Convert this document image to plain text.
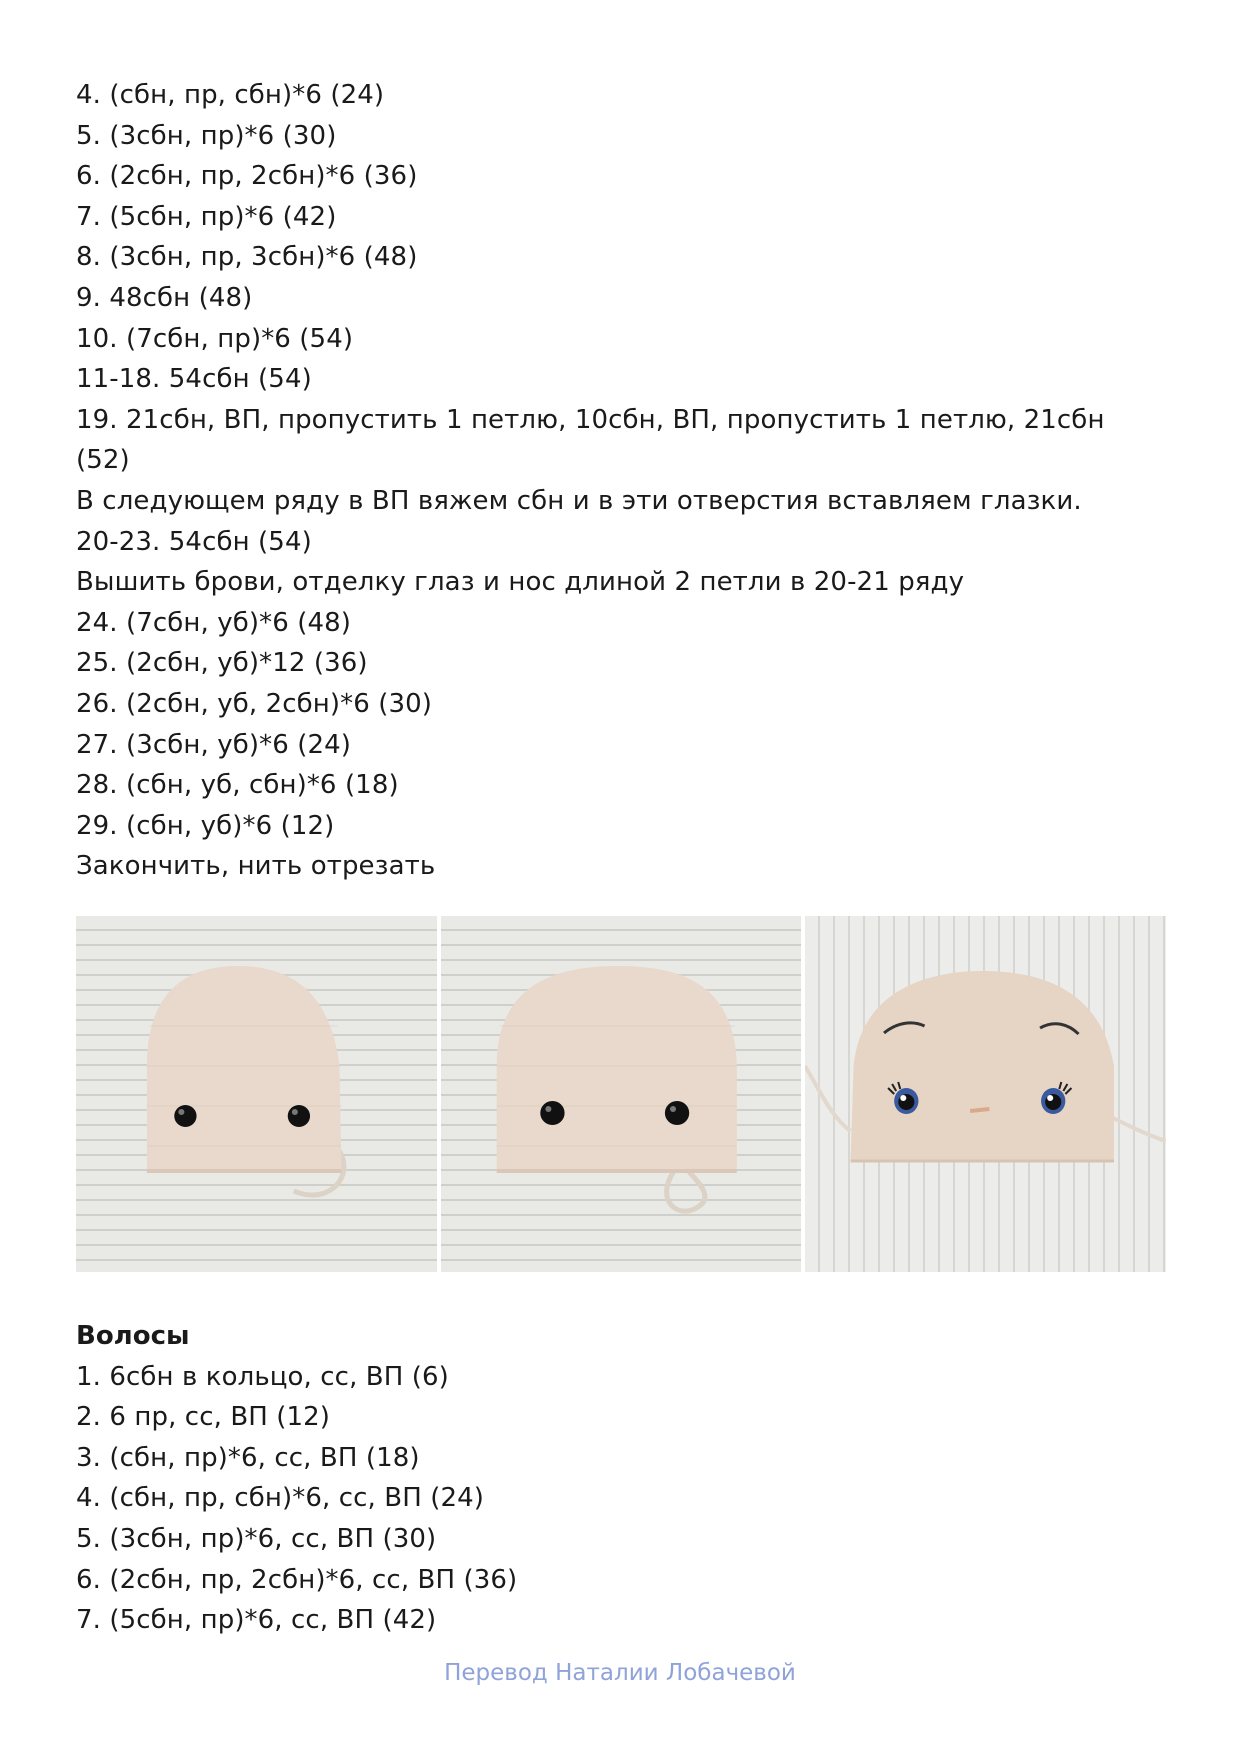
4. (сбн, пр, сбн)*6 (24)
5. (3сбн, пр)*6 (30)
6. (2сбн, пр, 2сбн)*6 (36)
7. (5сбн, пр)*6 (42)
8. (3сбн, пр, 3сбн)*6 (48)
9. 48сбн (48)
10. (7сбн, пр)*6 (54)
11-18. 54сбн (54)
19. 21сбн, ВП, пропустить 1 петлю, 10сбн, ВП, пропустить 1 петлю, 21сбн
(52)
В следующем ряду в ВП вяжем сбн и в эти отверстия вставляем глазки.
20-23. 54сбн (54)
Вышить брови, отделку глаз и нос длиной 2 петли в 20-21 ряду
24. (7сбн, уб)*6 (48)
25. (2сбн, уб)*12 (36)
26. (2сбн, уб, 2сбн)*6 (30)
27. (3сбн, уб)*6 (24)
28. (сбн, уб, сбн)*6 (18)
29. (сбн, уб)*6 (12)
Закончить, нить отрезать
Волосы
1. 6сбн в кольцо, сс, ВП (6)
2. 6 пр, сс, ВП (12)
3. (сбн, пр)*6, сс, ВП (18)
4. (сбн, пр, сбн)*6, сс, ВП (24)
5. (3сбн, пр)*6, сс, ВП (30)
6. (2сбн, пр, 2сбн)*6, сс, ВП (36)
7. (5сбн, пр)*6, сс, ВП (42)
Перевод Наталии Лобачевой
